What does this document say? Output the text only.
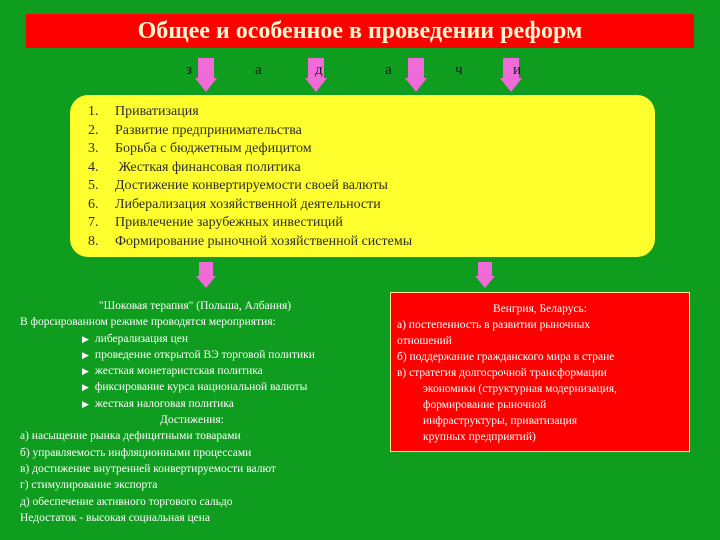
Общее и особенное в проведении реформ
з	а	д	а	ч	и
1. Приватизация
2. Развитие предпринимательства
3. Борьба с бюджетным дефицитом
4. Жесткая финансовая политика
5. Достижение конвертируемости своей валюты
6. Либерализация хозяйственной деятельности
7. Привлечение зарубежных инвестиций
8. Формирование рыночной хозяйственной системы
"Шоковая терапия" (Польша, Албания)
В форсированном режиме проводятся мероприятия:
▶ либерализация цен
▶ проведение открытой ВЭ торговой политики
▶ жесткая монетаристская политика
▶ фиксирование курса национальной валюты
▶ жесткая налоговая политика
Достижения:
а) насыщение рынка дефицитными товарами
б) управляемость инфляционными процессами
в) достижение внутренней конвертируемости валют
г) стимулирование экспорта
д) обеспечение активного торгового сальдо
Недостаток - высокая социальная цена
Венгрия, Беларусь:
а) постепенность в развитии рыночных
отношений
б) поддержание гражданского мира в стране
в) стратегия долгосрочной трансформации
экономики (структурная модернизация,
формирование рыночной
инфраструктуры, приватизация
крупных предприятий)
